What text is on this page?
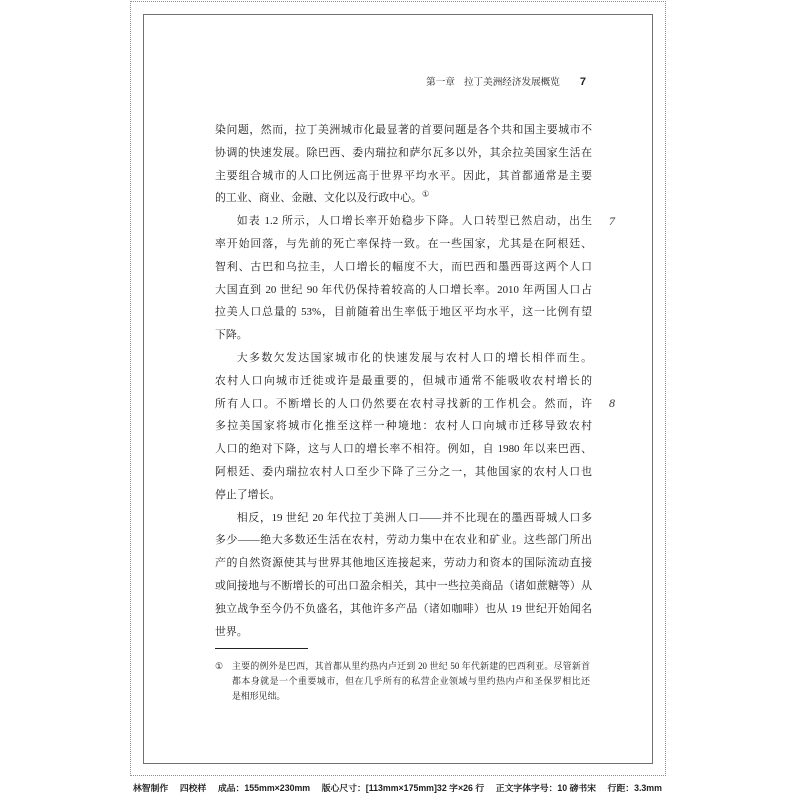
第一章 拉丁美洲经济发展概览 7
染问题，然而，拉丁美洲城市化最显著的首要问题是各个共和国主要城市不
协调的快速发展。除巴西、委内瑞拉和萨尔瓦多以外，其余拉美国家生活在
主要组合城市的人口比例远高于世界平均水平。因此，其首都通常是主要
的工业、商业、金融、文化以及行政中心。①
如表 1.2 所示，人口增长率开始稳步下降。人口转型已然启动，出生
率开始回落，与先前的死亡率保持一致。在一些国家，尤其是在阿根廷、
智利、古巴和乌拉圭，人口增长的幅度不大，而巴西和墨西哥这两个人口
大国直到 20 世纪 90 年代仍保持着较高的人口增长率。2010 年两国人口占
拉美人口总量的 53%，目前随着出生率低于地区平均水平，这一比例有望
下降。
大多数欠发达国家城市化的快速发展与农村人口的增长相伴而生。
农村人口向城市迁徙或许是最重要的，但城市通常不能吸收农村增长的
所有人口。不断增长的人口仍然要在农村寻找新的工作机会。然而，许
多拉美国家将城市化推至这样一种境地：农村人口向城市迁移导致农村
人口的绝对下降，这与人口的增长率不相符。例如，自 1980 年以来巴西、
阿根廷、委内瑞拉农村人口至少下降了三分之一，其他国家的农村人口也
停止了增长。
相反，19 世纪 20 年代拉丁美洲人口——并不比现在的墨西哥城人口多
多少——绝大多数还生活在农村，劳动力集中在农业和矿业。这些部门所出
产的自然资源使其与世界其他地区连接起来，劳动力和资本的国际流动直接
或间接地与不断增长的可出口盈余相关，其中一些拉美商品（诸如蔗糖等）从
独立战争至今仍不负盛名，其他许多产品（诸如咖啡）也从 19 世纪开始闻名
世界。
7
8
①	主要的例外是巴西，其首都从里约热内卢迁到 20 世纪 50 年代新建的巴西利亚。尽管新首
都本身就是一个重要城市，但在几乎所有的私营企业领域与里约热内卢和圣保罗相比还
是相形见绌。
林智制作 四校样 成品：155mm×230mm 版心尺寸：[113mm×175mm]32 字×26 行 正文字体字号：10 磅书宋 行距：3.3mm
